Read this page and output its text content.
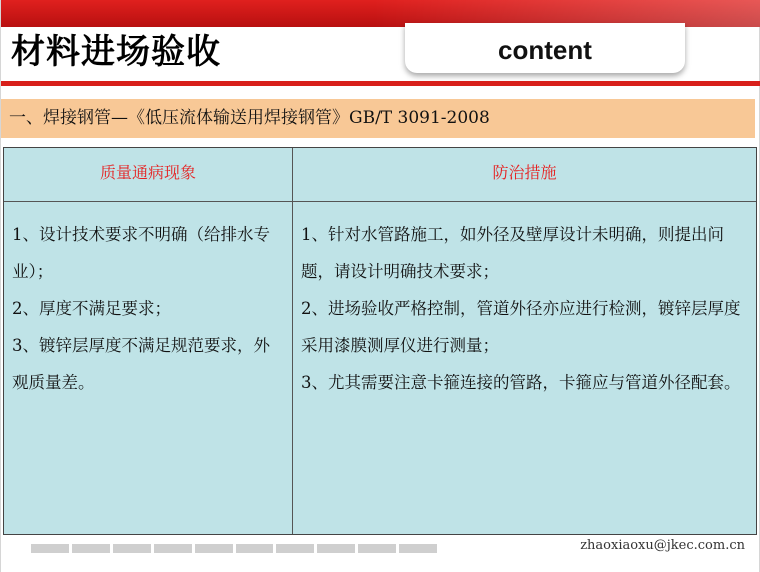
材料进场验收	content
一、焊接钢管—《低压流体输送用焊接钢管》GB/T 3091-2008
质量通病现象	防治措施

1、设计技术要求不明确（给排水专业）；

2、厚度不满足要求；

3、镀锌层厚度不满足规范要求，外观质量差。

1、针对水管路施工，如外径及壁厚设计未明确，则提出问题，请设计明确技术要求；

2、进场验收严格控制，管道外径亦应进行检测，镀锌层厚度采用漆膜测厚仪进行测量；

3、尤其需要注意卡箍连接的管路，卡箍应与管道外径配套。

zhaoxiaoxu@jkec.com.cn
